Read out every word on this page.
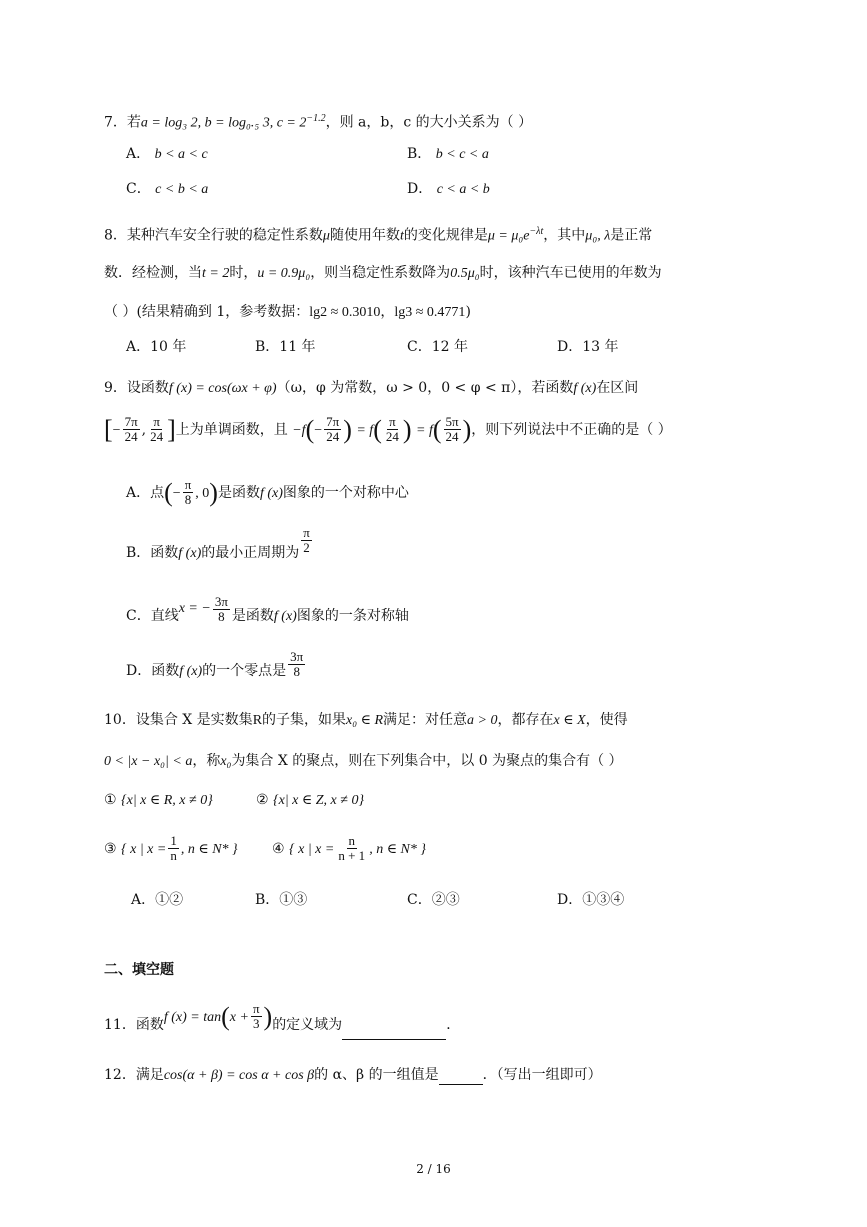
7．若a = log₃ 2, b = log₀.₅ 3, $c = 2^{-1.2}$，则 a，b，c 的大小关系为（ ）
A． b < a < c	B． b < c < a
C． c < b < a	D． c < a < b
8．某种汽车安全行驶的稳定性系数μ随使用年数t的变化规律是$\mu = \mu_0e^{-\lambda t}$，其中μ₀, λ是正常
数．经检测，当t = 2时，u = 0.9μ₀，则当稳定性系数降为0.5μ₀时，该种汽车已使用的年数为
（ ）(结果精确到 1，参考数据：lg2 ≈ 0.3010，lg3 ≈ 0.4771)
A．10 年	B．11 年	C．12 年	D．13 年
9．设函数f (x) = cos(ωx + φ)（ω，φ 为常数，ω > 0，0 < φ < π），若函数f (x)在区间
[− $\frac{7\pi}{24}$ , $\frac{\pi}{24}$ ]上为单调函数，且 $-f(- \frac{7\pi}{24}$ ) = $f( \frac{\pi}{24}$ ) = $f( \frac{5\pi}{24}$ )，则下列说法中不正确的是（ ）
A．点(− $\frac{\pi}{8}$ , 0)是函数f (x)图象的一个对称中心
B．函数f (x)的最小正周期为 $\frac{\pi}{2}$
C．直线x = − $\frac{3\pi}{8}$ 是函数f (x)图象的一条对称轴
D．函数f (x)的一个零点是 $\frac{3\pi}{8}$
10．设集合 X 是实数集R的子集，如果x₀ ∈ R满足：对任意a > 0，都存在x ∈ X，使得
0 < |x − x₀| < a，称x₀为集合 X 的聚点，则在下列集合中，以 0 为聚点的集合有（ ）
① {x| x ∈ R, x ≠ 0}	② {x| x ∈ Z, x ≠ 0}
③ { x | $x = \frac{1}{n}$ , n ∈ N* } ④ { x | $x = \frac{n}{n + 1}$ , n ∈ N* }
A．①②	B．①③	C．②③	D．①③④
二、填空题
11．函数f $(x) = \tan(x + \frac{\pi}{3}$ )的定义域为	．
12．满足cos(α + β) = cos α + cos β的 α、β 的一组值是	．（写出一组即可）
2 / 16
